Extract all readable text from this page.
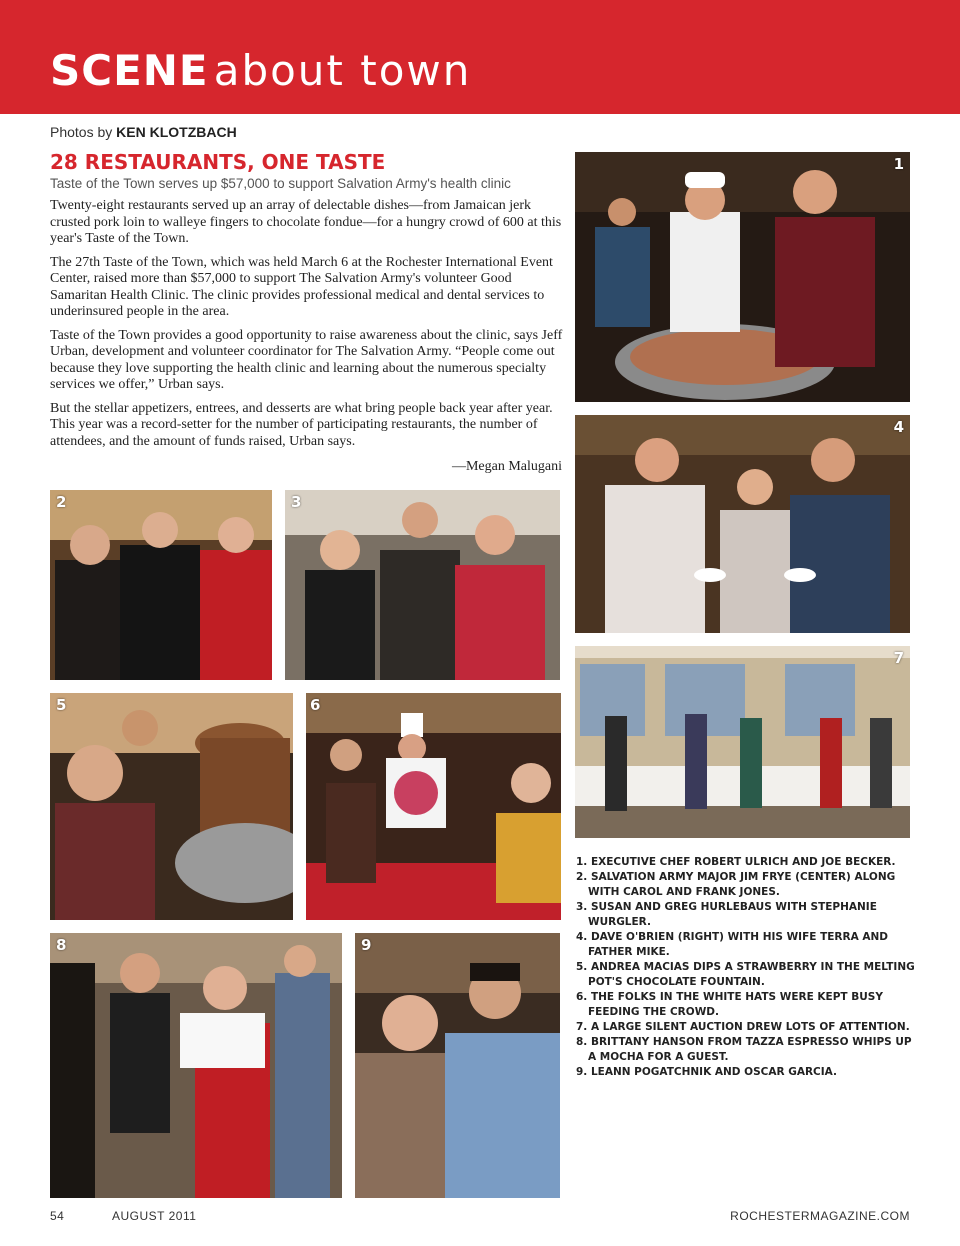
SCENE about town
Photos by KEN KLOTZBACH
28 RESTAURANTS, ONE TASTE
Taste of the Town serves up $57,000 to support Salvation Army's health clinic

Twenty-eight restaurants served up an array of delectable dishes—from Jamaican jerk crusted pork loin to walleye fingers to chocolate fondue—for a hungry crowd of 600 at this year's Taste of the Town.

The 27th Taste of the Town, which was held March 6 at the Rochester International Event Center, raised more than $57,000 to support The Salvation Army's volunteer Good Samaritan Health Clinic. The clinic provides professional medical and dental services to underinsured people in the area.

Taste of the Town provides a good opportunity to raise awareness about the clinic, says Jeff Urban, development and volunteer coordinator for The Salvation Army. “People come out because they love supporting the health clinic and learning about the numerous specialty services we offer,” Urban says.

But the stellar appetizers, entrees, and desserts are what bring people back year after year. This year was a record-setter for the number of participating restaurants, the number of attendees, and the amount of funds raised, Urban says.

—Megan Malugani
1
4
7
2	3
5	6
8	9
1. EXECUTIVE CHEF ROBERT ULRICH AND JOE BECKER.
2. SALVATION ARMY MAJOR JIM FRYE (CENTER) ALONG WITH CAROL AND FRANK JONES.
3. SUSAN AND GREG HURLEBAUS WITH STEPHANIE WURGLER.
4. DAVE O'BRIEN (RIGHT) WITH HIS WIFE TERRA AND FATHER MIKE.
5. ANDREA MACIAS DIPS A STRAWBERRY IN THE MELTING POT'S CHOCOLATE FOUNTAIN.
6. THE FOLKS IN THE WHITE HATS WERE KEPT BUSY FEEDING THE CROWD.
7. A LARGE SILENT AUCTION DREW LOTS OF ATTENTION.
8. BRITTANY HANSON FROM TAZZA ESPRESSO WHIPS UP A MOCHA FOR A GUEST.
9. LEANN POGATCHNIK AND OSCAR GARCIA.
54	AUGUST 2011	ROCHESTERMAGAZINE.COM
